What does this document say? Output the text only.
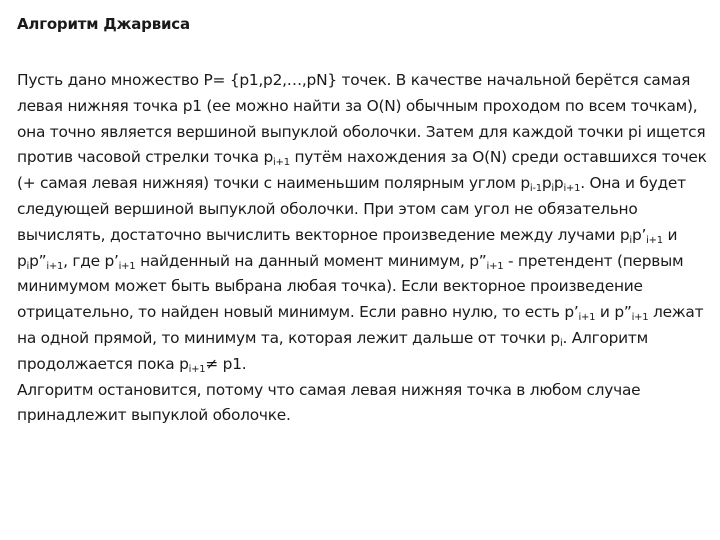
Алгоритм Джарвиса

Пусть дано множество P= {p1,p2,…,pN} точек. В качестве начальной берётся самая левая нижняя точка p1 (ее можно найти за O(N) обычным проходом по всем точкам), она точно является вершиной выпуклой оболочки. Затем для каждой точки pi ищется против часовой стрелки точка $p_{i+1}$ путём нахождения за O(N) среди оставшихся точек (+ самая левая нижняя) точки с наименьшим полярным углом $p_{i-1}p_ip_{i+1}$. Она и будет следующей вершиной выпуклой оболочки. При этом сам угол не обязательно вычислять, достаточно вычислить векторное произведение между лучами $p_ip’_{i+1}$ и $p_ip”_{i+1}$, где $p’_{i+1}$ найденный на данный момент минимум, $p”_{i+1}$ - претендент (первым минимумом может быть выбрана любая точка). Если векторное произведение отрицательно, то найден новый минимум. Если равно нулю, то есть $p’_{i+1}$ и $p”_{i+1}$ лежат на одной прямой, то минимум та, которая лежит дальше от точки $p_i$. Алгоритм продолжается пока $p_{i+1}\ne p1$.

Алгоритм остановится, потому что самая левая нижняя точка в любом случае принадлежит выпуклой оболочке.
